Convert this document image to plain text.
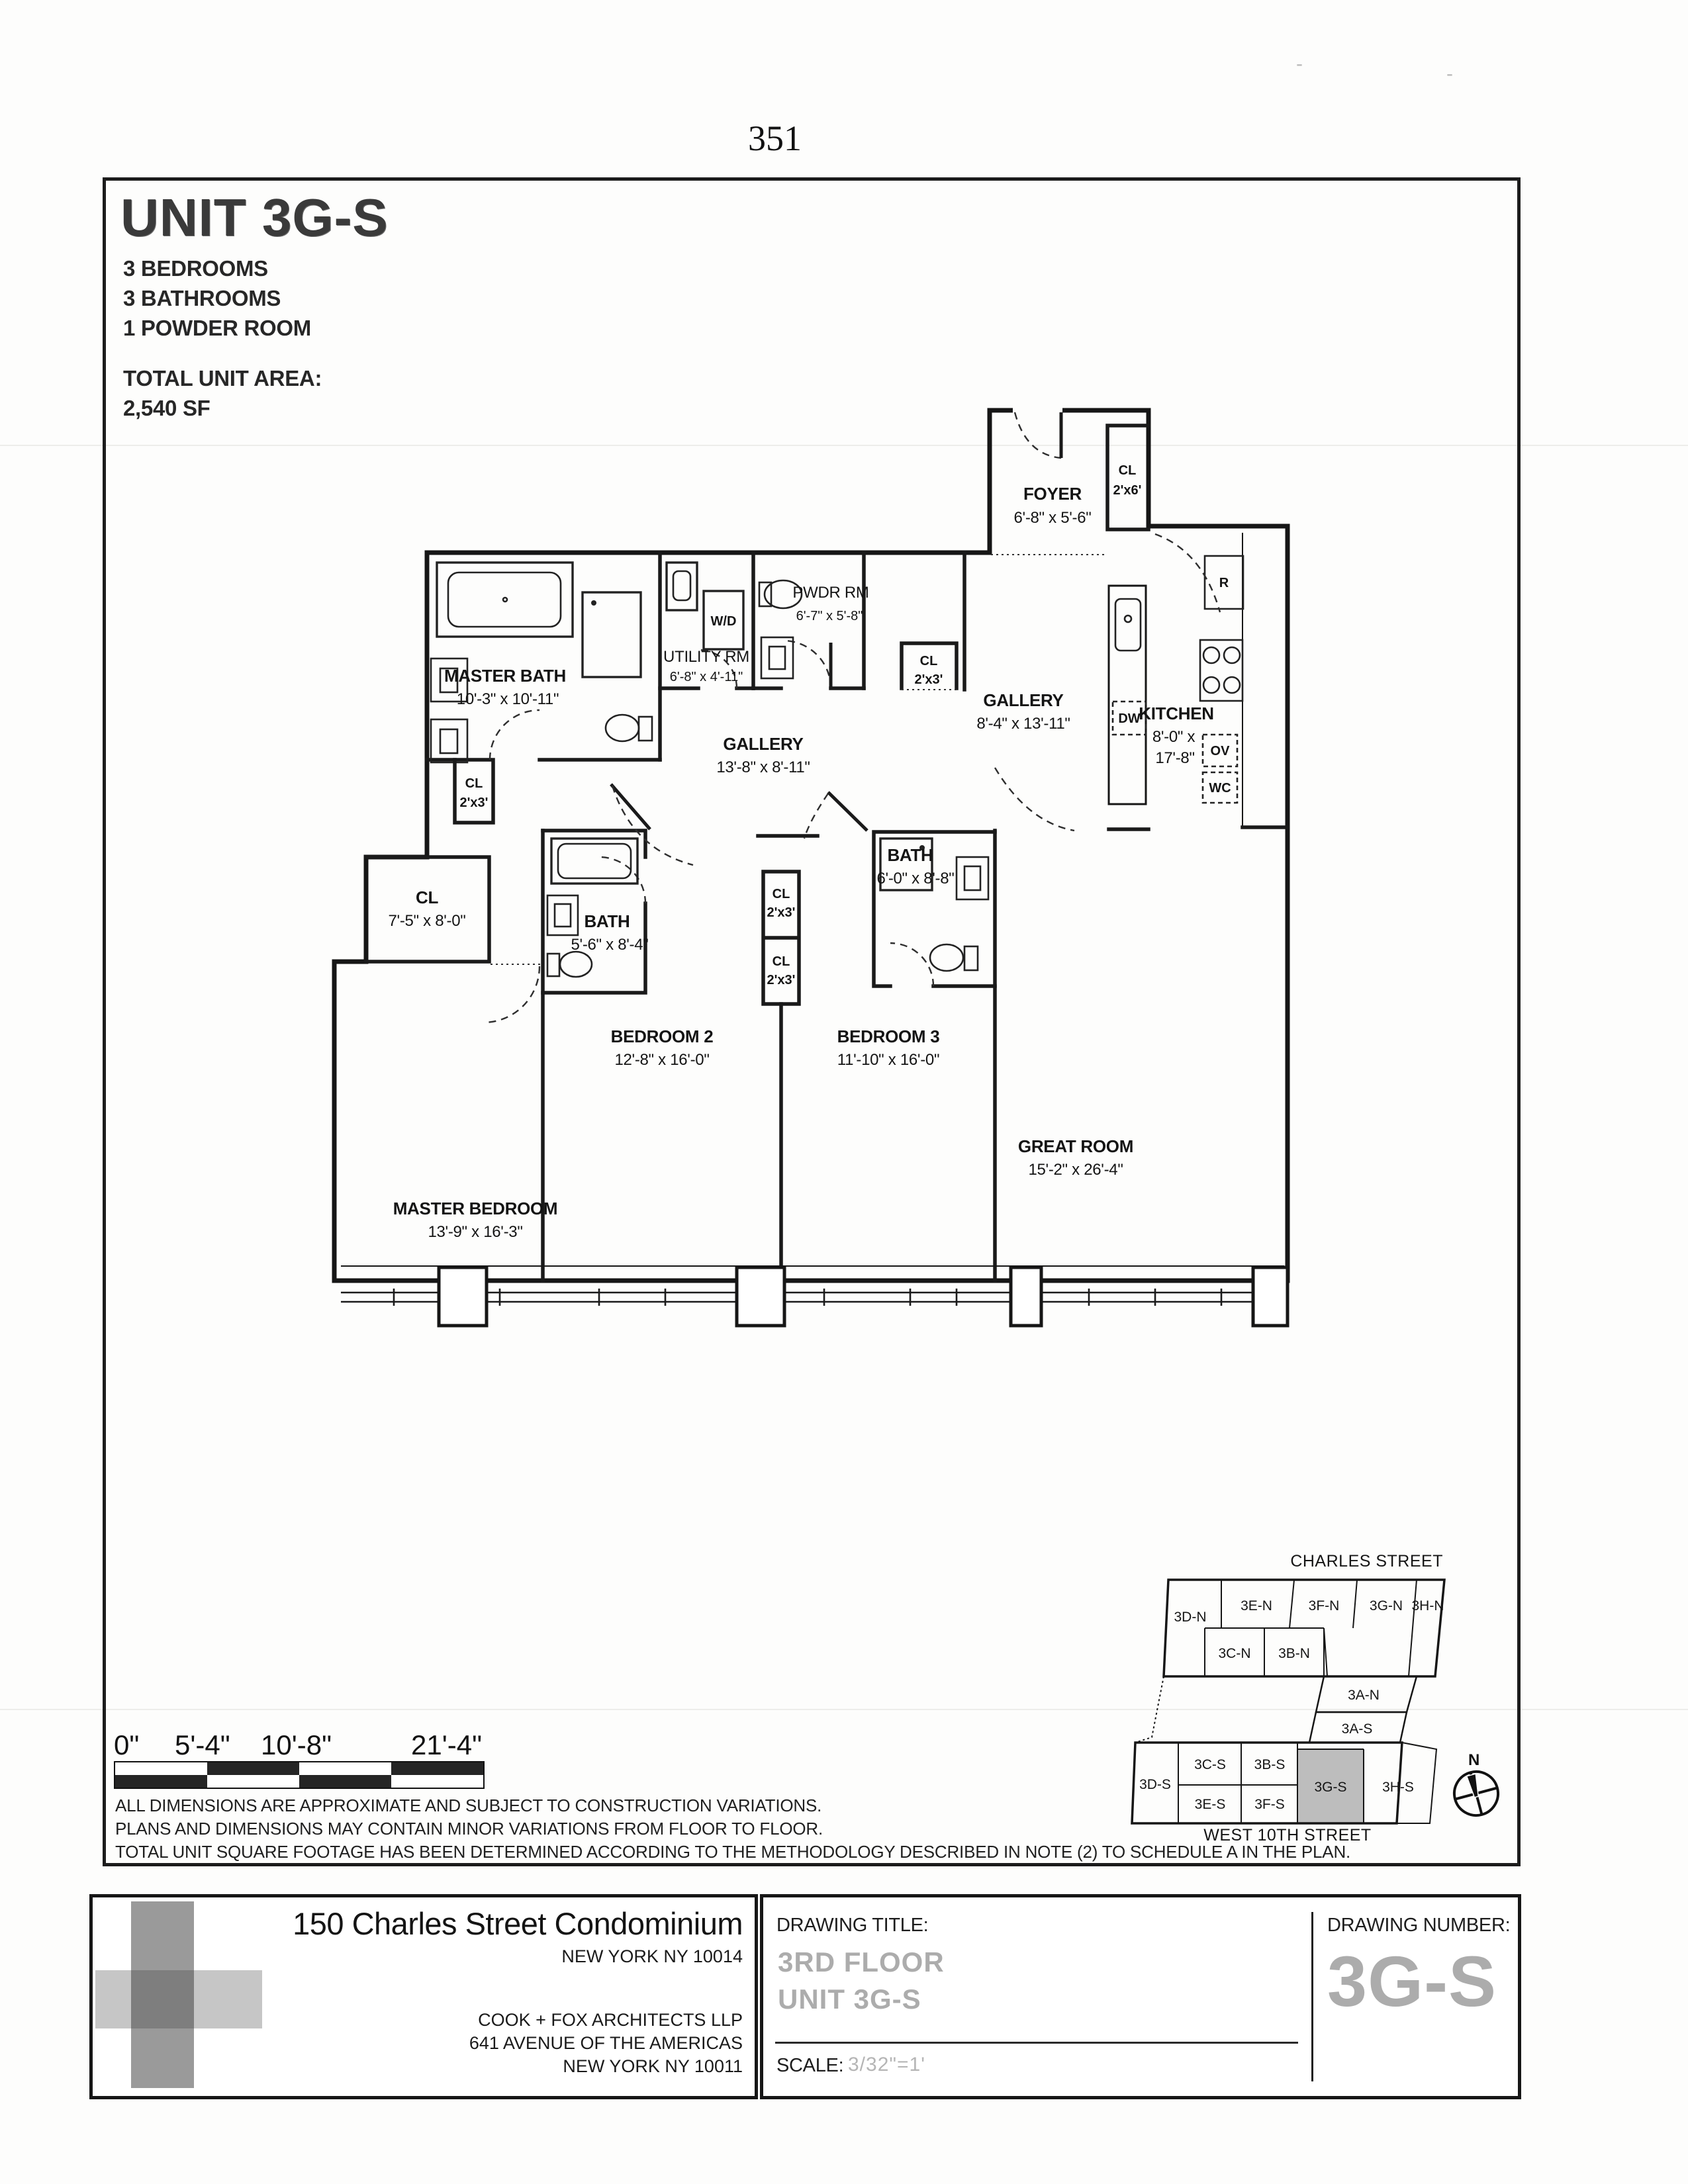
351
-	-
UNIT 3G-S
3 BEDROOMS
3 BATHROOMS
1 POWDER ROOM
TOTAL UNIT AREA:
2,540 SF
CL
2'x6'
FOYER
6'-8" x 5'-6"
MASTER BATH
10'-3" x 10'-11"
W/D
UTILITY RM
6'-8" x 4'-11"
PWDR RM
6'-7" x 5'-8"
CL
2'x3'
CL
2'x3'
CL
7'-5" x 8'-0"
GALLERY
13'-8" x 8'-11"
BATH
5'-6" x 8'-4"
CL
2'x3'
CL
2'x3'
BATH
6'-0" x 8'-8"
GALLERY
8'-4" x 13'-11"	DW
R
OV
WC
KITCHEN
8'-0" x
17'-8"
GREAT ROOM
15'-2" x 26'-4"
BEDROOM 2
12'-8" x 16'-0"
BEDROOM 3
11'-10" x 16'-0"
MASTER BEDROOM
13'-9" x 16'-3"
CHARLES STREET
3D-N
3E-N	3F-N 3G-N 3H-N
3C-N 3B-N
3A-N
3A-S
3D-S
3C-S 3B-S
3E-S 3F-S
3G-S	3H-S
WEST 10TH STREET
N
0" 5'-4" 10'-8"	21'-4"
ALL DIMENSIONS ARE APPROXIMATE AND SUBJECT TO CONSTRUCTION VARIATIONS.
PLANS AND DIMENSIONS MAY CONTAIN MINOR VARIATIONS FROM FLOOR TO FLOOR.
TOTAL UNIT SQUARE FOOTAGE HAS BEEN DETERMINED ACCORDING TO THE METHODOLOGY DESCRIBED IN NOTE (2) TO SCHEDULE A IN THE PLAN.
150 Charles Street Condominium
NEW YORK NY 10014
COOK + FOX ARCHITECTS LLP
641 AVENUE OF THE AMERICAS
NEW YORK NY 10011
DRAWING TITLE:
3RD FLOOR
UNIT 3G-S
SCALE: 3/32"=1'
DRAWING NUMBER:
3G-S
